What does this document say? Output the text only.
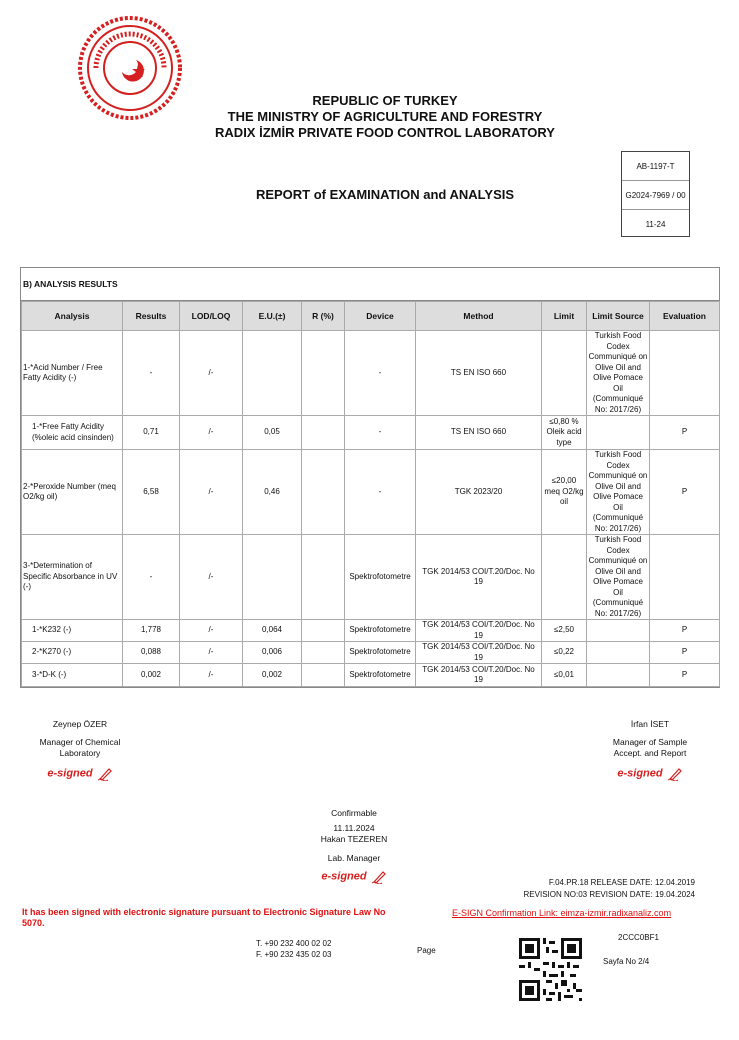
REPUBLIC OF TURKEY
THE MINISTRY OF AGRICULTURE AND FORESTRY
RADIX İZMİR PRIVATE FOOD CONTROL LABORATORY
AB-1197-T
G2024-7969 / 00
11-24
REPORT of EXAMINATION and ANALYSIS
B) ANALYSIS RESULTS
Analysis	Results	LOD/LOQ	E.U.(±)	R (%)	Device	Method	Limit	Limit Source	Evaluation
1-*Acid Number / Free Fatty Acidity (-)	-	/-			-	TS EN ISO 660		Turkish Food Codex Communiqué on Olive Oil and Olive Pomace Oil (Communiqué No: 2017/26)	
1-*Free Fatty Acidity (%oleic acid cinsinden)	0,71	/-	0,05		-	TS EN ISO 660	≤0,80 % Oleik acid type		P
2-*Peroxide Number (meq O2/kg oil)	6,58	/-	0,46		-	TGK 2023/20	≤20,00 meq O2/kg oil	Turkish Food Codex Communiqué on Olive Oil and Olive Pomace Oil (Communiqué No: 2017/26)	P
3-*Determination of Specific Absorbance in UV (-)	-	/-			Spektrofotometre	TGK 2014/53 COI/T.20/Doc. No 19		Turkish Food Codex Communiqué on Olive Oil and Olive Pomace Oil (Communiqué No: 2017/26)	
1-*K232 (-)	1,778	/-	0,064		Spektrofotometre	TGK 2014/53 COI/T.20/Doc. No 19	≤2,50		P
2-*K270 (-)	0,088	/-	0,006		Spektrofotometre	TGK 2014/53 COI/T.20/Doc. No 19	≤0,22		P
3-*D-K (-)	0,002	/-	0,002		Spektrofotometre	TGK 2014/53 COI/T.20/Doc. No 19	≤0,01		P
Zeynep ÖZER
Manager of Chemical
Laboratory
e-signed
İrfan İSET
Manager of Sample
Accept. and Report
e-signed
Confirmable
11.11.2024
Hakan TEZEREN
Lab. Manager
e-signed
F.04.PR.18 RELEASE DATE: 12.04.2019
REVISION NO:03 REVISION DATE: 19.04.2024
It has been signed with electronic signature pursuant to Electronic Signature Law No
5070.
E-SIGN Confirmation Link: eimza-izmir.radixanaliz.com
T. +90 232 400 02 02
F. +90 232 435 02 03	Page
2CCC0BF1
Sayfa No 2/4
